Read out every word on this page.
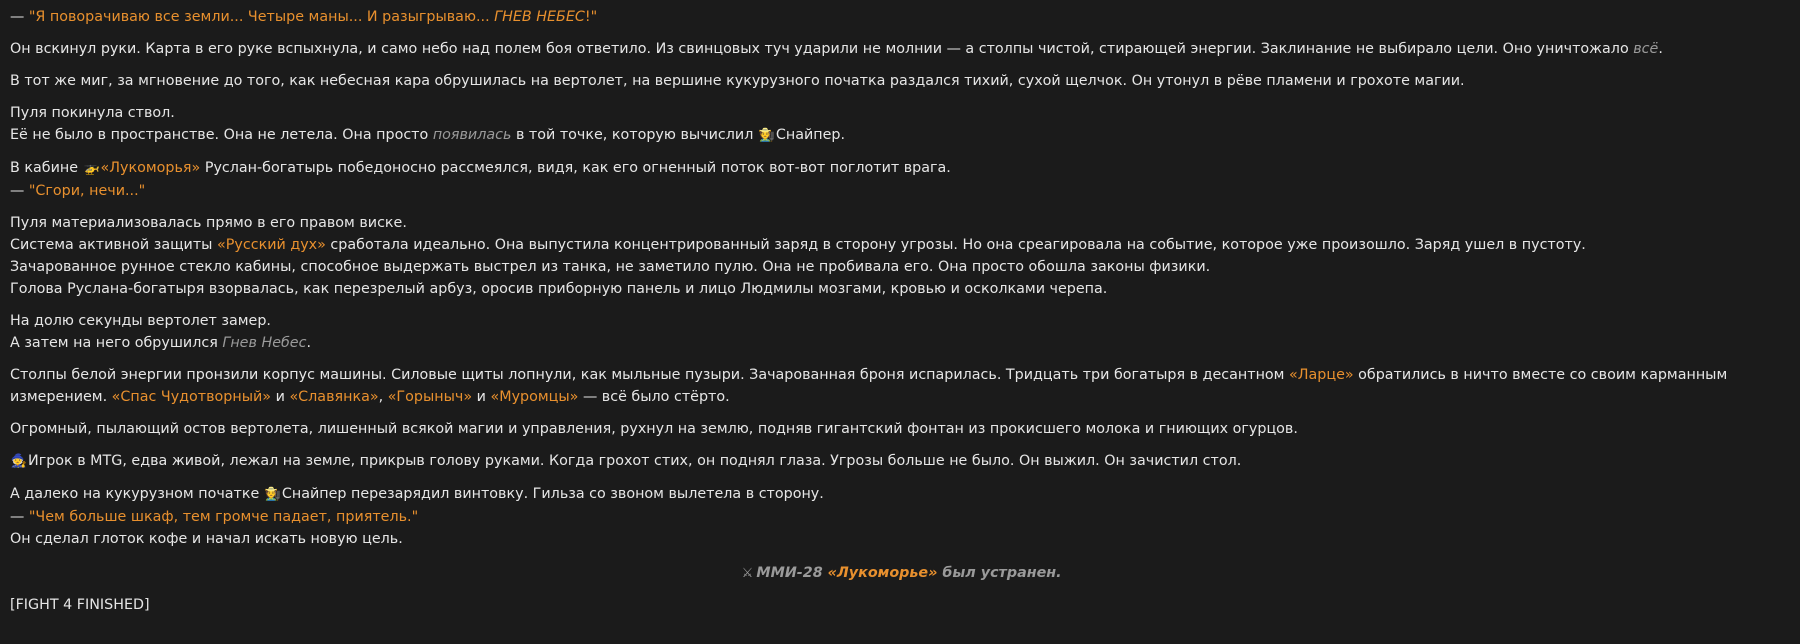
— "Я поворачиваю все земли... Четыре маны... И разыгрываю... ГНЕВ НЕБЕС!"

Он вскинул руки. Карта в его руке вспыхнула, и само небо над полем боя ответило. Из свинцовых туч ударили не молнии — а столпы чистой, стирающей энергии. Заклинание не выбирало цели. Оно уничтожало всё.

В тот же миг, за мгновение до того, как небесная кара обрушилась на вертолет, на вершине кукурузного початка раздался тихий, сухой щелчок. Он утонул в рёве пламени и грохоте магии.

Пуля покинула ствол.

Её не было в пространстве. Она не летела. Она просто появилась в той точке, которую вычислил 🧑‍🌾Снайпер.

В кабине 🚁«Лукоморья» Руслан-богатырь победоносно рассмеялся, видя, как его огненный поток вот-вот поглотит врага.

— "Сгори, нечи..."

Пуля материализовалась прямо в его правом виске.

Система активной защиты «Русский дух» сработала идеально. Она выпустила концентрированный заряд в сторону угрозы. Но она среагировала на событие, которое уже произошло. Заряд ушел в пустоту.

Зачарованное рунное стекло кабины, способное выдержать выстрел из танка, не заметило пулю. Она не пробивала его. Она просто обошла законы физики.

Голова Руслана-богатыря взорвалась, как перезрелый арбуз, оросив приборную панель и лицо Людмилы мозгами, кровью и осколками черепа.

На долю секунды вертолет замер.

А затем на него обрушился Гнев Небес.

Столпы белой энергии пронзили корпус машины. Силовые щиты лопнули, как мыльные пузыри. Зачарованная броня испарилась. Тридцать три богатыря в десантном «Ларце» обратились в ничто вместе со своим карманным измерением. «Спас Чудотворный» и «Славянка», «Горыныч» и «Муромцы» — всё было стёрто.

Огромный, пылающий остов вертолета, лишенный всякой магии и управления, рухнул на землю, подняв гигантский фонтан из прокисшего молока и гниющих огурцов.

🧙Игрок в MTG, едва живой, лежал на земле, прикрыв голову руками. Когда грохот стих, он поднял глаза. Угрозы больше не было. Он выжил. Он зачистил стол.

А далеко на кукурузном початке 🧑‍🌾Снайпер перезарядил винтовку. Гильза со звоном вылетела в сторону.

— "Чем больше шкаф, тем громче падает, приятель."

Он сделал глоток кофе и начал искать новую цель.

⚔ ММИ-28 «Лукоморье» был устранен.

[FIGHT 4 FINISHED]
